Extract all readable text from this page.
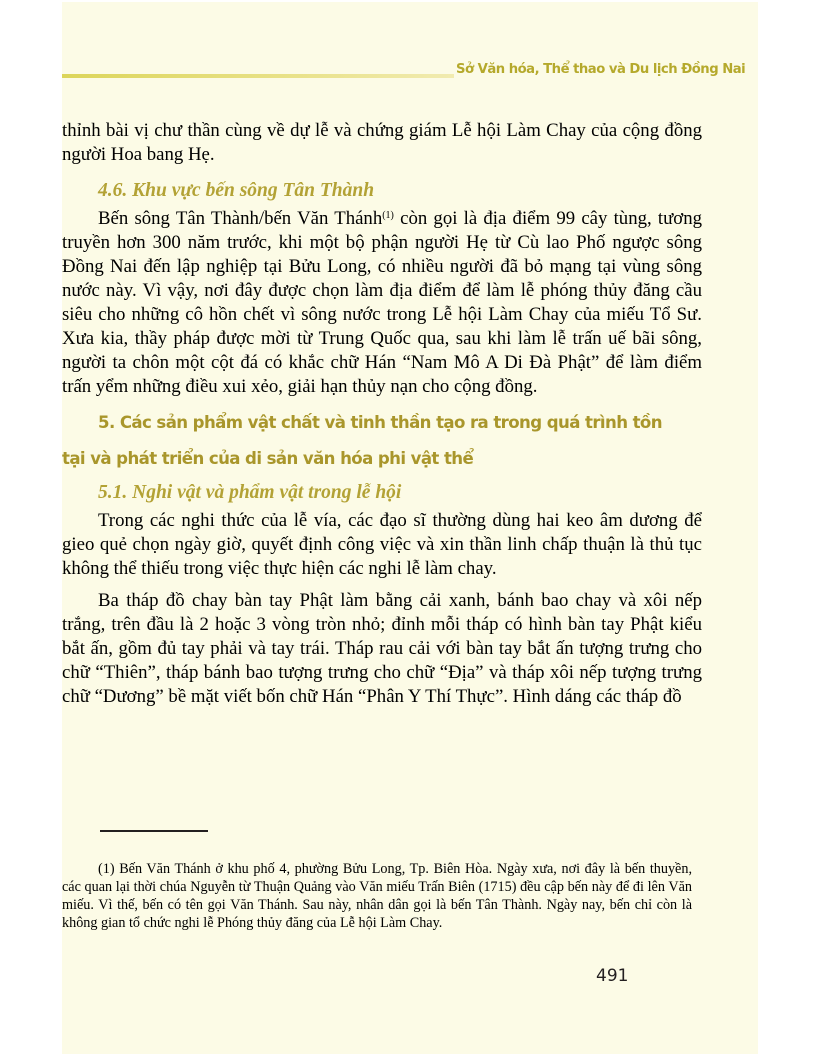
Sở Văn hóa, Thể thao và Du lịch Đồng Nai

thỉnh bài vị chư thần cùng về dự lễ và chứng giám Lễ hội Làm Chay của cộng đồng người Hoa bang Hẹ.

4.6. Khu vực bến sông Tân Thành

Bến sông Tân Thành/bến Văn Thánh$^{(1)}$ còn gọi là địa điểm 99 cây tùng, tương truyền hơn 300 năm trước, khi một bộ phận người Hẹ từ Cù lao Phố ngược sông Đồng Nai đến lập nghiệp tại Bửu Long, có nhiều người đã bỏ mạng tại vùng sông nước này. Vì vậy, nơi đây được chọn làm địa điểm để làm lễ phóng thủy đăng cầu siêu cho những cô hồn chết vì sông nước trong Lễ hội Làm Chay của miếu Tổ Sư. Xưa kia, thầy pháp được mời từ Trung Quốc qua, sau khi làm lễ trấn uế bãi sông, người ta chôn một cột đá có khắc chữ Hán “Nam Mô A Di Đà Phật” để làm điểm trấn yểm những điều xui xẻo, giải hạn thủy nạn cho cộng đồng.

5. Các sản phẩm vật chất và tinh thần tạo ra trong quá trình tồn
tại và phát triển của di sản văn hóa phi vật thể

5.1. Nghi vật và phẩm vật trong lễ hội

Trong các nghi thức của lễ vía, các đạo sĩ thường dùng hai keo âm dương để gieo quẻ chọn ngày giờ, quyết định công việc và xin thần linh chấp thuận là thủ tục không thể thiếu trong việc thực hiện các nghi lễ làm chay.

Ba tháp đồ chay bàn tay Phật làm bằng cải xanh, bánh bao chay và xôi nếp trắng, trên đầu là 2 hoặc 3 vòng tròn nhỏ; đỉnh mỗi tháp có hình bàn tay Phật kiểu bắt ấn, gồm đủ tay phải và tay trái. Tháp rau cải với bàn tay bắt ấn tượng trưng cho chữ “Thiên”, tháp bánh bao tượng trưng cho chữ “Địa” và tháp xôi nếp tượng trưng chữ “Dương” bề mặt viết bốn chữ Hán “Phân Y Thí Thực”. Hình dáng các tháp đồ

(1) Bến Văn Thánh ở khu phố 4, phường Bửu Long, Tp. Biên Hòa. Ngày xưa, nơi đây là bến thuyền, các quan lại thời chúa Nguyễn từ Thuận Quảng vào Văn miếu Trấn Biên (1715) đều cập bến này để đi lên Văn miếu. Vì thế, bến có tên gọi Văn Thánh. Sau này, nhân dân gọi là bến Tân Thành. Ngày nay, bến chỉ còn là không gian tổ chức nghi lễ Phóng thủy đăng của Lễ hội Làm Chay.

491
